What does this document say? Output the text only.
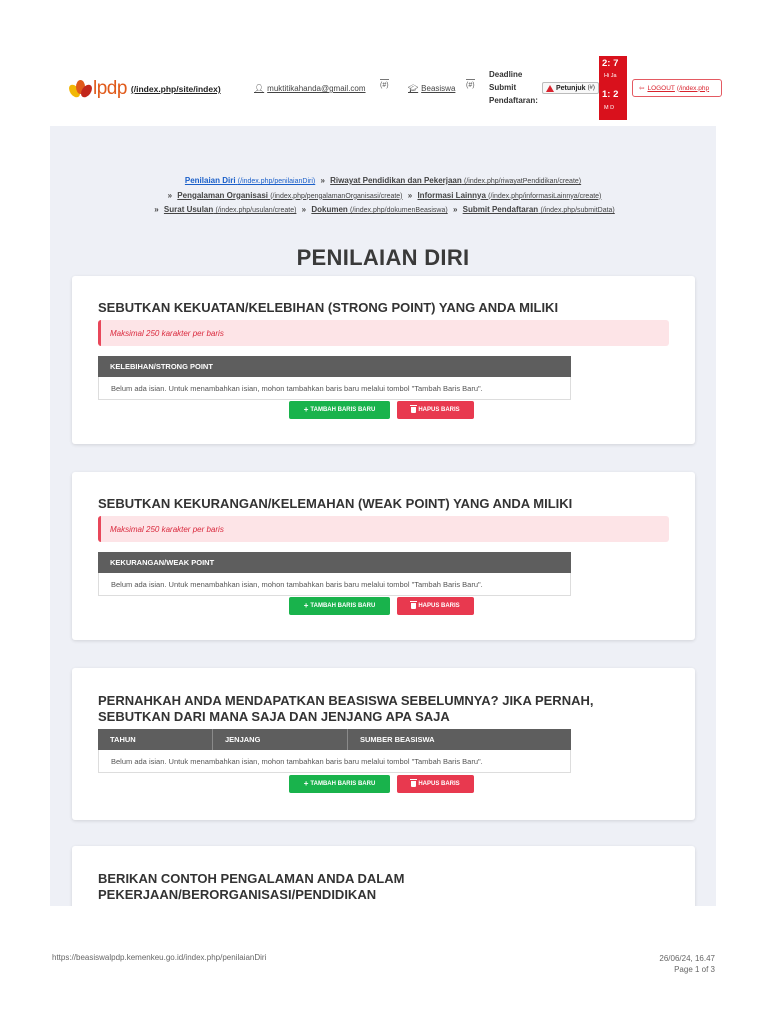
lpdp (/index.php/site/index)	👤︎ muktitikahanda@gmail.com (#) 🎓︎ Beasiswa (#)
Deadline
Submit
Pendaftaran:
Petunjuk (#)
2: 7
Hi Ja
1: 2
M D
⇦ LOGOUT (/index.php
Penilaian Diri (/index.php/penilaianDiri) » Riwayat Pendidikan dan Pekerjaan (/index.php/riwayatPendidikan/create)
» Pengalaman Organisasi (/index.php/pengalamanOrganisasi/create) » Informasi Lainnya (/index.php/informasiLainnya/create)
» Surat Usulan (/index.php/usulan/create) » Dokumen (/index.php/dokumenBeasiswa) » Submit Pendaftaran (/index.php/submitData)
PENILAIAN DIRI
SEBUTKAN KEKUATAN/KELEBIHAN (STRONG POINT) YANG ANDA MILIKI
Maksimal 250 karakter per baris
KELEBIHAN/STRONG POINT
Belum ada isian. Untuk menambahkan isian, mohon tambahkan baris baru melalui tombol "Tambah Baris Baru".
+ TAMBAH BARIS BARU	HAPUS BARIS
SEBUTKAN KEKURANGAN/KELEMAHAN (WEAK POINT) YANG ANDA MILIKI
Maksimal 250 karakter per baris
KEKURANGAN/WEAK POINT
Belum ada isian. Untuk menambahkan isian, mohon tambahkan baris baru melalui tombol "Tambah Baris Baru".
+ TAMBAH BARIS BARU	HAPUS BARIS
PERNAHKAH ANDA MENDAPATKAN BEASISWA SEBELUMNYA? JIKA PERNAH, SEBUTKAN DARI MANA SAJA DAN JENJANG APA SAJA
TAHUN	JENJANG	SUMBER BEASISWA
Belum ada isian. Untuk menambahkan isian, mohon tambahkan baris baru melalui tombol "Tambah Baris Baru".
+ TAMBAH BARIS BARU	HAPUS BARIS
BERIKAN CONTOH PENGALAMAN ANDA DALAM PEKERJAAN/BERORGANISASI/PENDIDIKAN
https://beasiswalpdp.kemenkeu.go.id/index.php/penilaianDiri	26/06/24, 16.47
Page 1 of 3
